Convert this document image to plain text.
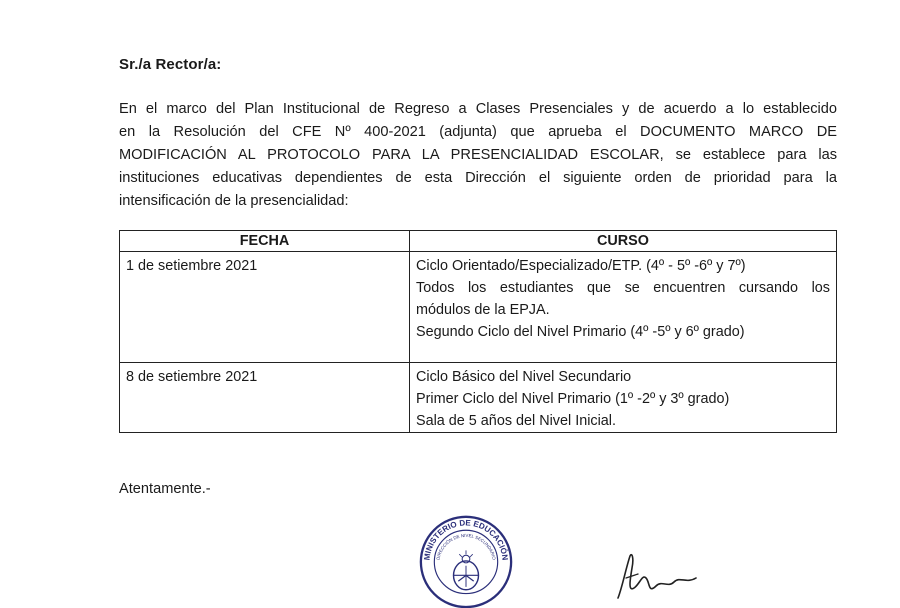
Sr./a Rector/a:
En el marco del Plan Institucional de Regreso a Clases Presenciales y de acuerdo a lo establecido
en la Resolución del CFE Nº 400-2021 (adjunta) que aprueba el DOCUMENTO MARCO DE
MODIFICACIÓN AL PROTOCOLO PARA LA PRESENCIALIDAD ESCOLAR, se establece para las
instituciones educativas dependientes de esta Dirección el siguiente orden de prioridad para la
intensificación de la presencialidad:
FECHA	CURSO
1 de setiembre 2021	Ciclo Orientado/Especializado/ETP. (4º - 5º -6º y 7º)
Todos los estudiantes que se encuentren cursando los
módulos de la EPJA.
Segundo Ciclo del Nivel Primario (4º -5º y 6º grado)

8 de setiembre 2021	Ciclo Básico del Nivel Secundario
Primer Ciclo del Nivel Primario (1º -2º y 3º grado)
Sala de 5 años del Nivel Inicial.
Atentamente.-
MINISTERIO DE EDUCACIÓN
DIRECCIÓN DE NIVEL SECUNDARIO
